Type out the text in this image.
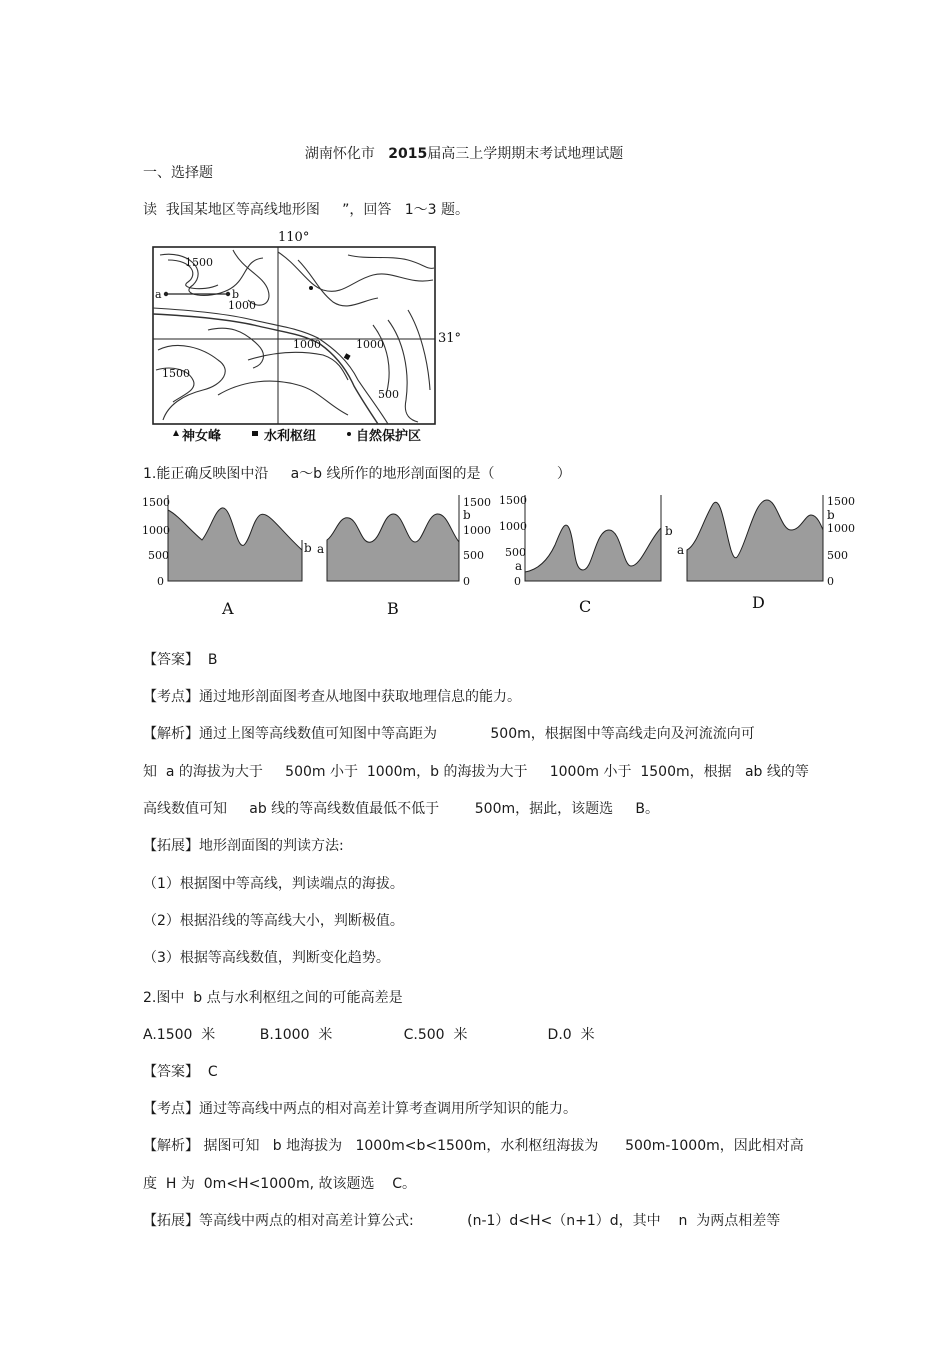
湖南怀化市 2015届高三上学期期末考试地理试题

一、选择题
读  我国某地区等高线地形图     ”，回答   1～3 题。
110°
31°
1500
1000
1500
1000	1000
500
a	b
神女峰	水利枢纽	自然保护区
1.能正确反映图中沿     a～b 线所作的地形剖面图的是（              ）
1500
1000
500
0
b
A
a
1500
b
1000
500
0
B
1500
1000
500
a
0
b
C
a
1500
b
1000
500
0
D
【答案】  B
【考点】通过地形剖面图考查从地图中获取地理信息的能力。
【解析】通过上图等高线数值可知图中等高距为            500m，根据图中等高线走向及河流流向可
知  a 的海拔为大于     500m 小于  1000m，b 的海拔为大于     1000m 小于  1500m，根据   ab 线的等
高线数值可知     ab 线的等高线数值最低不低于        500m，据此，该题选     B。
【拓展】地形剖面图的判读方法:
（1）根据图中等高线，判读端点的海拔。
（2）根据沿线的等高线大小，判断极值。
（3）根据等高线数值，判断变化趋势。
2.图中  b 点与水利枢纽之间的可能高差是
A.1500  米          B.1000  米                C.500  米                  D.0  米
【答案】  C
【考点】通过等高线中两点的相对高差计算考查调用所学知识的能力。
【解析】 据图可知   b 地海拔为   1000m<b<1500m，水利枢纽海拔为      500m-1000m，因此相对高
度  H 为  0m<H<1000m, 故该题选    C。
【拓展】等高线中两点的相对高差计算公式:            (n-1）d<H<（n+1）d，其中    n  为两点相差等
